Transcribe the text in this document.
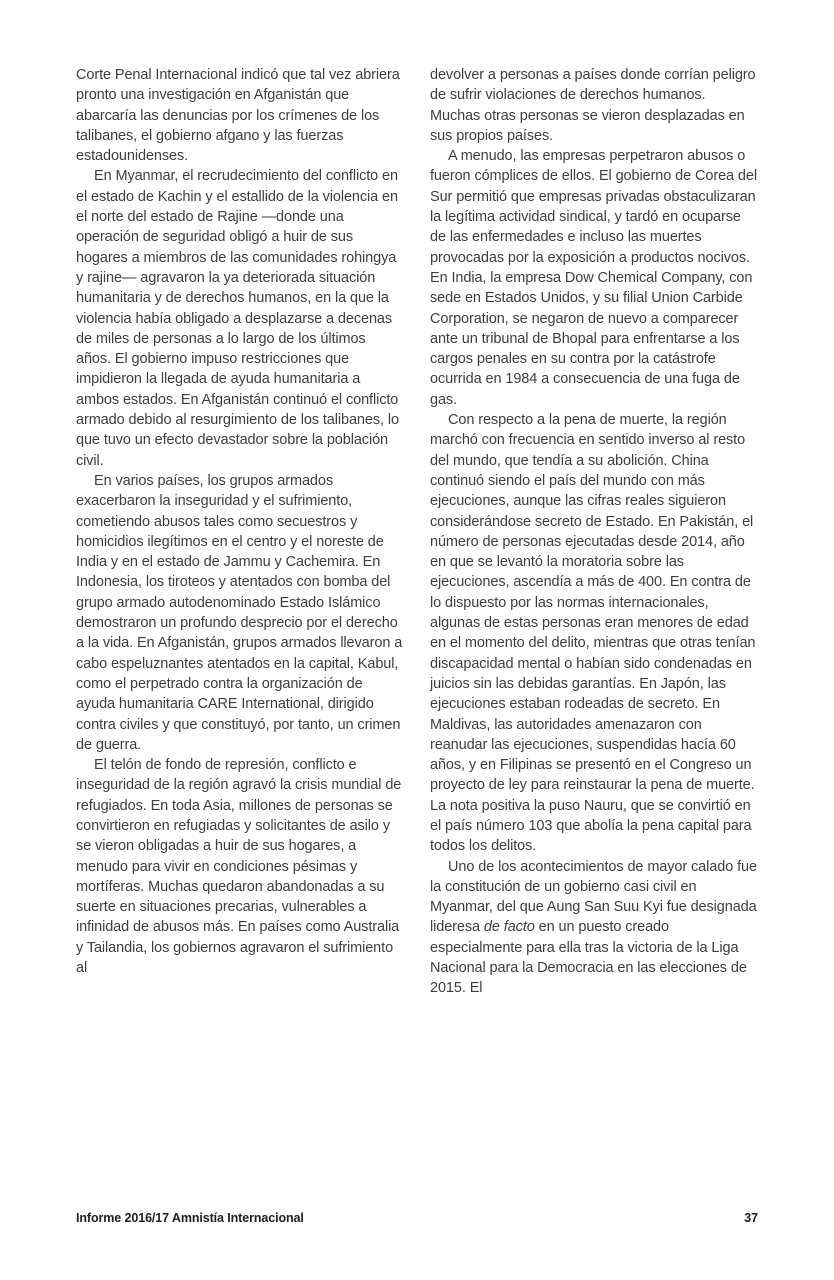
Corte Penal Internacional indicó que tal vez abriera pronto una investigación en Afganistán que abarcaría las denuncias por los crímenes de los talibanes, el gobierno afgano y las fuerzas estadounidenses.

En Myanmar, el recrudecimiento del conflicto en el estado de Kachin y el estallido de la violencia en el norte del estado de Rajine —donde una operación de seguridad obligó a huir de sus hogares a miembros de las comunidades rohingya y rajine— agravaron la ya deteriorada situación humanitaria y de derechos humanos, en la que la violencia había obligado a desplazarse a decenas de miles de personas a lo largo de los últimos años. El gobierno impuso restricciones que impidieron la llegada de ayuda humanitaria a ambos estados. En Afganistán continuó el conflicto armado debido al resurgimiento de los talibanes, lo que tuvo un efecto devastador sobre la población civil.

En varios países, los grupos armados exacerbaron la inseguridad y el sufrimiento, cometiendo abusos tales como secuestros y homicidios ilegítimos en el centro y el noreste de India y en el estado de Jammu y Cachemira. En Indonesia, los tiroteos y atentados con bomba del grupo armado autodenominado Estado Islámico demostraron un profundo desprecio por el derecho a la vida. En Afganistán, grupos armados llevaron a cabo espeluznantes atentados en la capital, Kabul, como el perpetrado contra la organización de ayuda humanitaria CARE International, dirigido contra civiles y que constituyó, por tanto, un crimen de guerra.

El telón de fondo de represión, conflicto e inseguridad de la región agravó la crisis mundial de refugiados. En toda Asia, millones de personas se convirtieron en refugiadas y solicitantes de asilo y se vieron obligadas a huir de sus hogares, a menudo para vivir en condiciones pésimas y mortíferas. Muchas quedaron abandonadas a su suerte en situaciones precarias, vulnerables a infinidad de abusos más. En países como Australia y Tailandia, los gobiernos agravaron el sufrimiento al

devolver a personas a países donde corrían peligro de sufrir violaciones de derechos humanos. Muchas otras personas se vieron desplazadas en sus propios países.

A menudo, las empresas perpetraron abusos o fueron cómplices de ellos. El gobierno de Corea del Sur permitió que empresas privadas obstaculizaran la legítima actividad sindical, y tardó en ocuparse de las enfermedades e incluso las muertes provocadas por la exposición a productos nocivos. En India, la empresa Dow Chemical Company, con sede en Estados Unidos, y su filial Union Carbide Corporation, se negaron de nuevo a comparecer ante un tribunal de Bhopal para enfrentarse a los cargos penales en su contra por la catástrofe ocurrida en 1984 a consecuencia de una fuga de gas.

Con respecto a la pena de muerte, la región marchó con frecuencia en sentido inverso al resto del mundo, que tendía a su abolición. China continuó siendo el país del mundo con más ejecuciones, aunque las cifras reales siguieron considerándose secreto de Estado. En Pakistán, el número de personas ejecutadas desde 2014, año en que se levantó la moratoria sobre las ejecuciones, ascendía a más de 400. En contra de lo dispuesto por las normas internacionales, algunas de estas personas eran menores de edad en el momento del delito, mientras que otras tenían discapacidad mental o habían sido condenadas en juicios sin las debidas garantías. En Japón, las ejecuciones estaban rodeadas de secreto. En Maldivas, las autoridades amenazaron con reanudar las ejecuciones, suspendidas hacía 60 años, y en Filipinas se presentó en el Congreso un proyecto de ley para reinstaurar la pena de muerte. La nota positiva la puso Nauru, que se convirtió en el país número 103 que abolía la pena capital para todos los delitos.

Uno de los acontecimientos de mayor calado fue la constitución de un gobierno casi civil en Myanmar, del que Aung San Suu Kyi fue designada lideresa de facto en un puesto creado especialmente para ella tras la victoria de la Liga Nacional para la Democracia en las elecciones de 2015. El

Informe 2016/17 Amnistía Internacional	37
